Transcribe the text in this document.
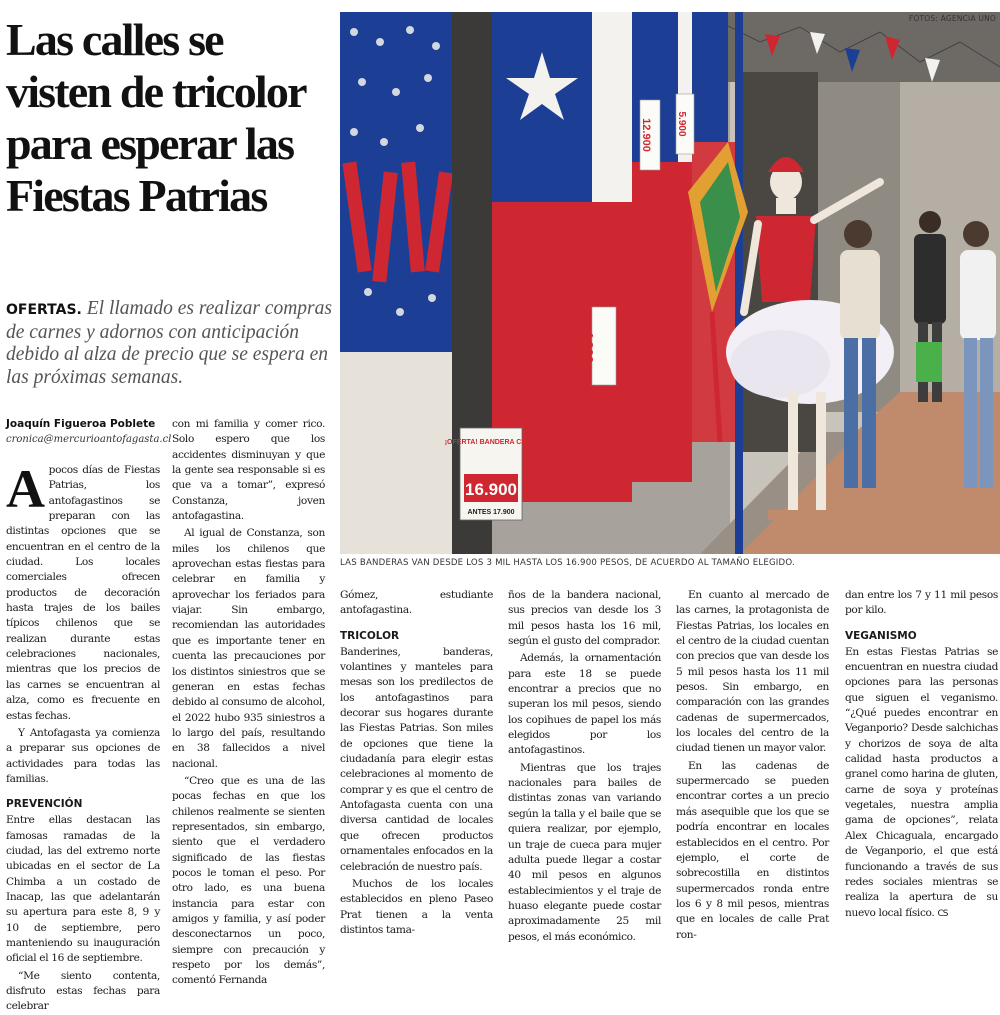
Las calles se visten de tricolor para esperar las Fiestas Patrias

OFERTAS. El llamado es realizar compras de carnes y adornos con anticipación debido al alza de precio que se espera en las próximas semanas.

Joaquín Figueroa Poblete
cronica@mercurioantofagasta.cl
4.900
12.900 5.900
¡OFERTA! BANDERA CHILE
16.900
ANTES 17.900
FOTOS: AGENCIA UNO
LAS BANDERAS VAN DESDE LOS 3 MIL HASTA LOS 16.900 PESOS, DE ACUERDO AL TAMAÑO ELEGIDO.

Apocos días de Fiestas Patrias, los antofagastinos se preparan con las distintas opciones que se encuentran en el centro de la ciudad. Los locales comerciales ofrecen productos de decoración hasta trajes de los bailes típicos chilenos que se realizan durante estas celebraciones nacionales, mientras que los precios de las carnes se encuentran al alza, como es frecuente en estas fechas.

Y Antofagasta ya comienza a preparar sus opciones de actividades para todas las familias.

PREVENCIÓN

Entre ellas destacan las famosas ramadas de la ciudad, las del extremo norte ubicadas en el sector de La Chimba a un costado de Inacap, las que adelantarán su apertura para este 8, 9 y 10 de septiembre, pero manteniendo su inauguración oficial el 16 de septiembre.

“Me siento contenta, disfruto estas fechas para celebrar

con mi familia y comer rico. Solo espero que los accidentes disminuyan y que la gente sea responsable si es que va a tomar”, expresó Constanza, joven antofagastina.

Al igual de Constanza, son miles los chilenos que aprovechan estas fiestas para celebrar en familia y aprovechar los feriados para viajar. Sin embargo, recomiendan las autoridades que es importante tener en cuenta las precauciones por los distintos siniestros que se generan en estas fechas debido al consumo de alcohol, el 2022 hubo 935 siniestros a lo largo del país, resultando en 38 fallecidos a nivel nacional.

“Creo que es una de las pocas fechas en que los chilenos realmente se sienten representados, sin embargo, siento que el verdadero significado de las fiestas pocos le toman el peso. Por otro lado, es una buena instancia para estar con amigos y familia, y así poder desconectarnos un poco, siempre con precaución y respeto por los demás”, comentó Fernanda

Gómez, estudiante antofagastina.

TRICOLOR

Banderines, banderas, volantines y manteles para mesas son los predilectos de los antofagastinos para decorar sus hogares durante las Fiestas Patrias. Son miles de opciones que tiene la ciudadanía para elegir estas celebraciones al momento de comprar y es que el centro de Antofagasta cuenta con una diversa cantidad de locales que ofrecen productos ornamentales enfocados en la celebración de nuestro país.

Muchos de los locales establecidos en pleno Paseo Prat tienen a la venta distintos tama-

ños de la bandera nacional, sus precios van desde los 3 mil pesos hasta los 16 mil, según el gusto del comprador.

Además, la ornamentación para este 18 se puede encontrar a precios que no superan los mil pesos, siendo los copihues de papel los más elegidos por los antofagastinos.

Mientras que los trajes nacionales para bailes de distintas zonas van variando según la talla y el baile que se quiera realizar, por ejemplo, un traje de cueca para mujer adulta puede llegar a costar 40 mil pesos en algunos establecimientos y el traje de huaso elegante puede costar aproximadamente 25 mil pesos, el más económico.

En cuanto al mercado de las carnes, la protagonista de Fiestas Patrias, los locales en el centro de la ciudad cuentan con precios que van desde los 5 mil pesos hasta los 11 mil pesos. Sin embargo, en comparación con las grandes cadenas de supermercados, los locales del centro de la ciudad tienen un mayor valor.

En las cadenas de supermercado se pueden encontrar cortes a un precio más asequible que los que se podría encontrar en locales establecidos en el centro. Por ejemplo, el corte de sobrecostilla en distintos supermercados ronda entre los 6 y 8 mil pesos, mientras que en locales de calle Prat ron-

dan entre los 7 y 11 mil pesos por kilo.

VEGANISMO

En estas Fiestas Patrias se encuentran en nuestra ciudad opciones para las personas que siguen el veganismo. “¿Qué puedes encontrar en Veganporio? Desde salchichas y chorizos de soya de alta calidad hasta productos a granel como harina de gluten, carne de soya y proteínas vegetales, nuestra amplia gama de opciones”, relata Alex Chicaguala, encargado de Veganporio, el que está funcionando a través de sus redes sociales mientras se realiza la apertura de su nuevo local físico. CS
